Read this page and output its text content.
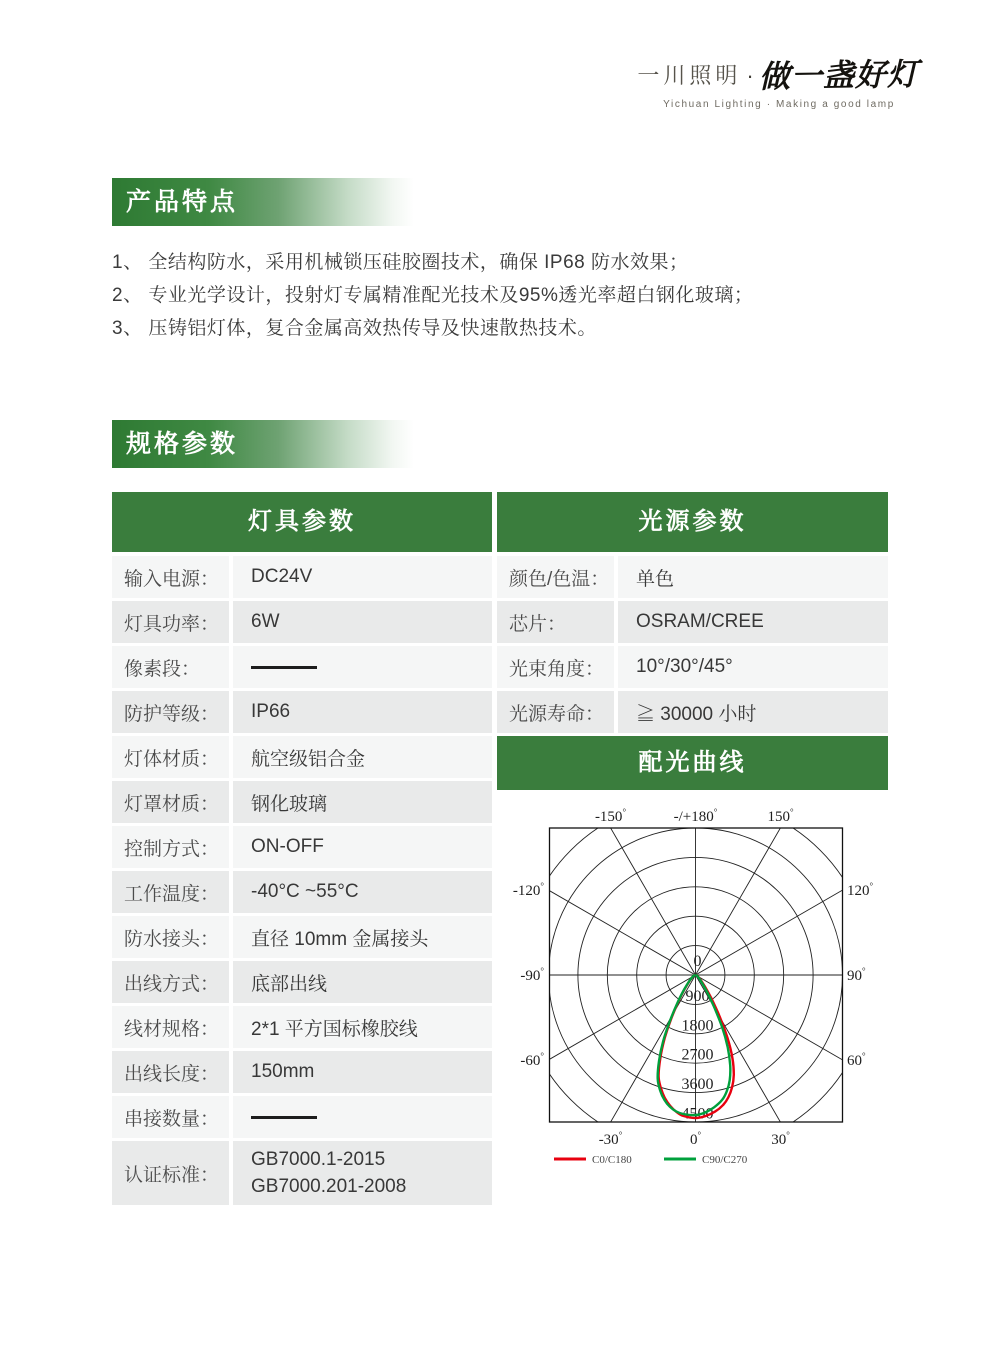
一川照明 · 做一盏好灯
Yichuan Lighting · Making a good lamp
产品特点
1、 全结构防水，采用机械锁压硅胶圈技术，确保 IP68 防水效果；
2、 专业光学设计，投射灯专属精准配光技术及95%透光率超白钢化玻璃；
3、 压铸铝灯体，复合金属高效热传导及快速散热技术。
规格参数
灯具参数
输入电源：	DC24V
灯具功率：	6W
像素段：
防护等级：	IP66
灯体材质：	航空级铝合金
灯罩材质：	钢化玻璃
控制方式：	ON-OFF
工作温度：	-40°C ~55°C
防水接头：	直径 10mm 金属接头
出线方式：	底部出线
线材规格：	2*1 平方国标橡胶线
出线长度：	150mm
串接数量：
认证标准：
GB7000.1-2015
GB7000.201-2008
光源参数
颜色/色温：	单色
芯片：	OSRAM/CREE
光束角度：	10°/30°/45°
光源寿命：	≧ 30000 小时
配光曲线
-150°	-/+180°	150°
-30°	0°	30°
-120°
-90°
-60°
120°
90°
60°
0
900
1800
2700
3600
4500
C0/C180	C90/C270
